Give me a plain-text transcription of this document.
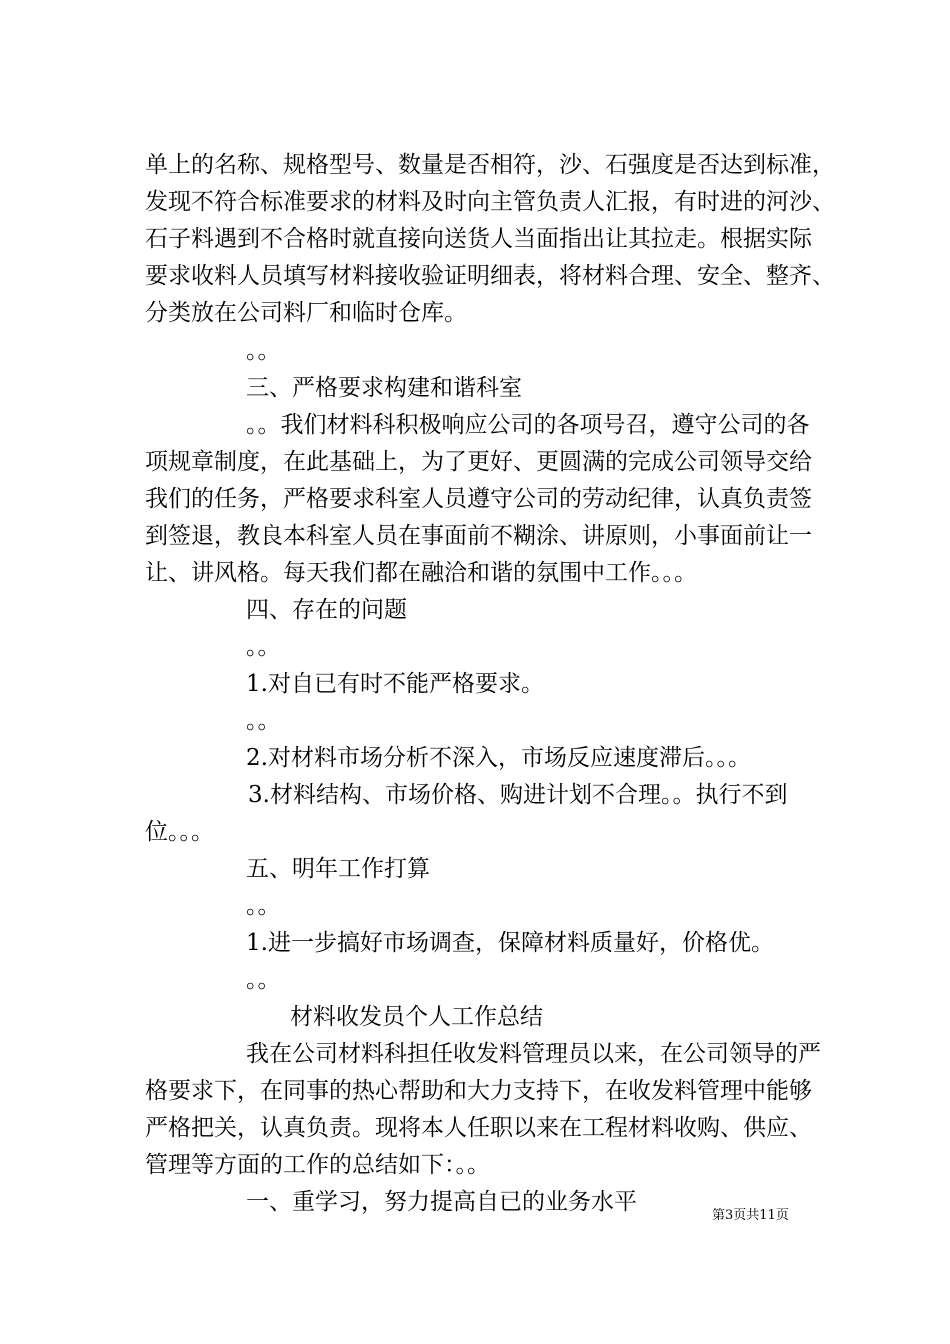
单上的名称、规格型号、数量是否相符，沙、石强度是否达到标准，
发现不符合标准要求的材料及时向主管负责人汇报，有时进的河沙、
石子料遇到不合格时就直接向送货人当面指出让其拉走。根据实际
要求收料人员填写材料接收验证明细表，将材料合理、安全、整齐、
分类放在公司料厂和临时仓库。
。。
三、严格要求构建和谐科室
。。我们材料科积极响应公司的各项号召，遵守公司的各
项规章制度，在此基础上，为了更好、更圆满的完成公司领导交给
我们的任务，严格要求科室人员遵守公司的劳动纪律，认真负责签
到签退，教良本科室人员在事面前不糊涂、讲原则，小事面前让一
让、讲风格。每天我们都在融洽和谐的氛围中工作。。。
四、存在的问题
。。
1.对自已有时不能严格要求。
。。
2.对材料市场分析不深入，市场反应速度滞后。。。
3.材料结构、市场价格、购进计划不合理。。执行不到
位。。。
五、明年工作打算
。。
1.进一步搞好市场调查，保障材料质量好，价格优。
。。
材料收发员个人工作总结
我在公司材料科担任收发料管理员以来，在公司领导的严
格要求下，在同事的热心帮助和大力支持下，在收发料管理中能够
严格把关，认真负责。现将本人任职以来在工程材料收购、供应、
管理等方面的工作的总结如下：。。
一、重学习，努力提高自已的业务水平
第3页共11页
